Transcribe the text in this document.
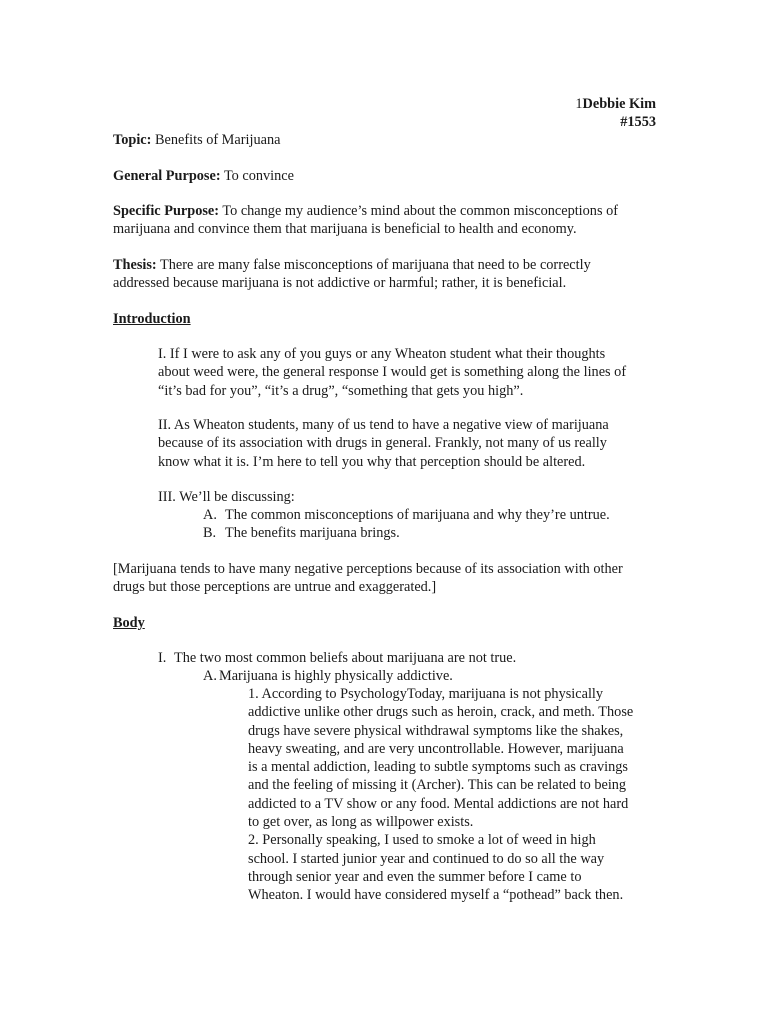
1Debbie Kim
#1553
Topic: Benefits of Marijuana
General Purpose: To convince
Specific Purpose: To change my audience’s mind about the common misconceptions of
marijuana and convince them that marijuana is beneficial to health and economy.
Thesis: There are many false misconceptions of marijuana that need to be correctly
addressed because marijuana is not addictive or harmful; rather, it is beneficial.
Introduction
I. If I were to ask any of you guys or any Wheaton student what their thoughts
about weed were, the general response I would get is something along the lines of
“it’s bad for you”, “it’s a drug”, “something that gets you high”.
II. As Wheaton students, many of us tend to have a negative view of marijuana
because of its association with drugs in general. Frankly, not many of us really
know what it is. I’m here to tell you why that perception should be altered.
III. We’ll be discussing:
A. The common misconceptions of marijuana and why they’re untrue.
B. The benefits marijuana brings.
[Marijuana tends to have many negative perceptions because of its association with other
drugs but those perceptions are untrue and exaggerated.]
Body
I. The two most common beliefs about marijuana are not true.
A. Marijuana is highly physically addictive.
1. According to PsychologyToday, marijuana is not physically
addictive unlike other drugs such as heroin, crack, and meth. Those
drugs have severe physical withdrawal symptoms like the shakes,
heavy sweating, and are very uncontrollable. However, marijuana
is a mental addiction, leading to subtle symptoms such as cravings
and the feeling of missing it (Archer). This can be related to being
addicted to a TV show or any food. Mental addictions are not hard
to get over, as long as willpower exists.
2. Personally speaking, I used to smoke a lot of weed in high
school. I started junior year and continued to do so all the way
through senior year and even the summer before I came to
Wheaton. I would have considered myself a “pothead” back then.
